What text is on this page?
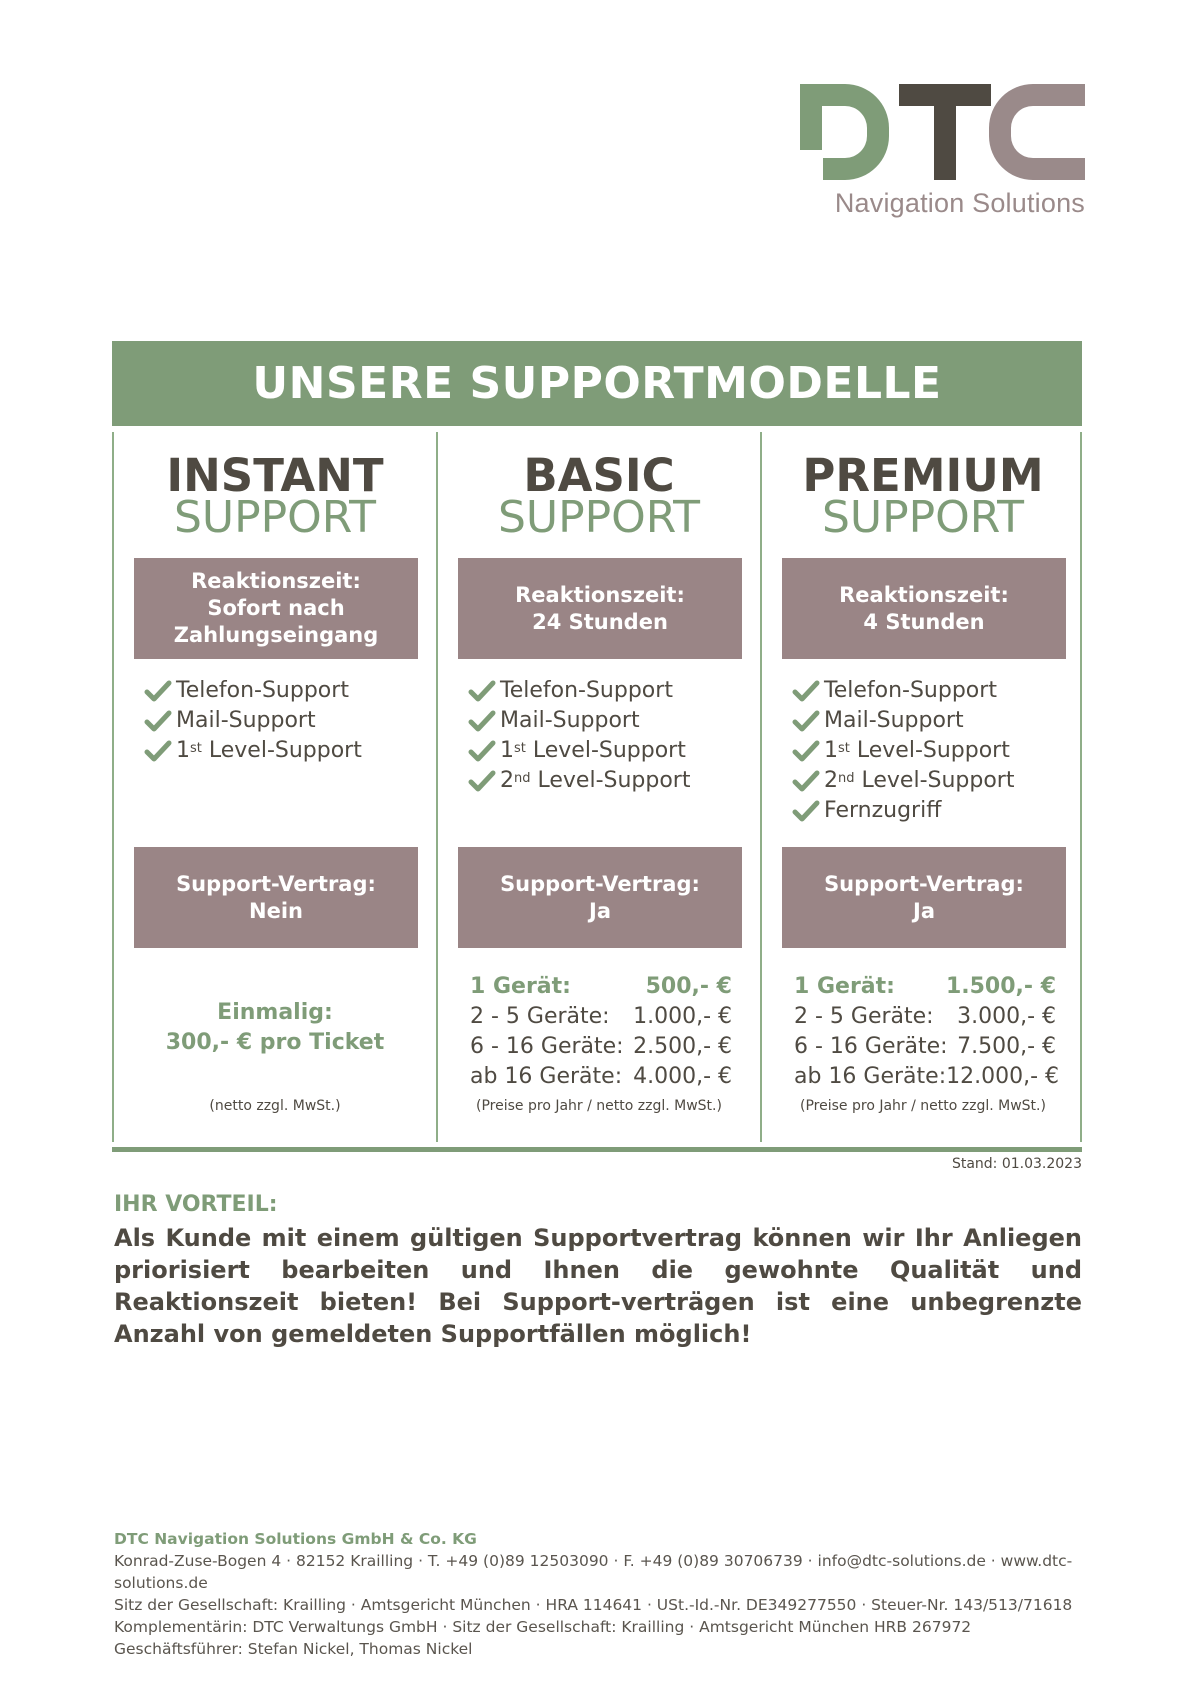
Navigation Solutions
UNSERE SUPPORTMODELLE
INSTANT
SUPPORT
Reaktionszeit:
Sofort nach
Zahlungseingang
Telefon-Support
Mail-Support
1st Level-Support
Support-Vertrag:
Nein
Einmalig:
300,- € pro Ticket
(netto zzgl. MwSt.)
BASIC
SUPPORT
Reaktionszeit:
24 Stunden
Telefon-Support
Mail-Support
1st Level-Support
2nd Level-Support
Support-Vertrag:
Ja
1 Gerät:	500,- €
2 - 5 Geräte: 1.000,- €
6 - 16 Geräte: 2.500,- €
ab 16 Geräte: 4.000,- €
(Preise pro Jahr / netto zzgl. MwSt.)
PREMIUM
SUPPORT
Reaktionszeit:
4 Stunden
Telefon-Support
Mail-Support
1st Level-Support
2nd Level-Support
Fernzugriff
Support-Vertrag:
Ja
1 Gerät: 1.500,- €
2 - 5 Geräte: 3.000,- €
6 - 16 Geräte: 7.500,- €
ab 16 Geräte: 12.000,- €
(Preise pro Jahr / netto zzgl. MwSt.)
Stand: 01.03.2023
IHR VORTEIL:

Als Kunde mit einem gültigen Supportvertrag können wir Ihr Anliegen priorisiert bearbeiten und Ihnen die gewohnte Qualität und Reaktionszeit bieten! Bei Support-verträgen ist eine unbegrenzte Anzahl von gemeldeten Supportfällen möglich!

DTC Navigation Solutions GmbH & Co. KG
Konrad-Zuse-Bogen 4 · 82152 Krailling · T. +49 (0)89 12503090 · F. +49 (0)89 30706739 · info@dtc-solutions.de · www.dtc-solutions.de
Sitz der Gesellschaft: Krailling · Amtsgericht München · HRA 114641 · USt.-Id.-Nr. DE349277550 · Steuer-Nr. 143/513/71618
Komplementärin: DTC Verwaltungs GmbH · Sitz der Gesellschaft: Krailling · Amtsgericht München HRB 267972
Geschäftsführer: Stefan Nickel, Thomas Nickel
